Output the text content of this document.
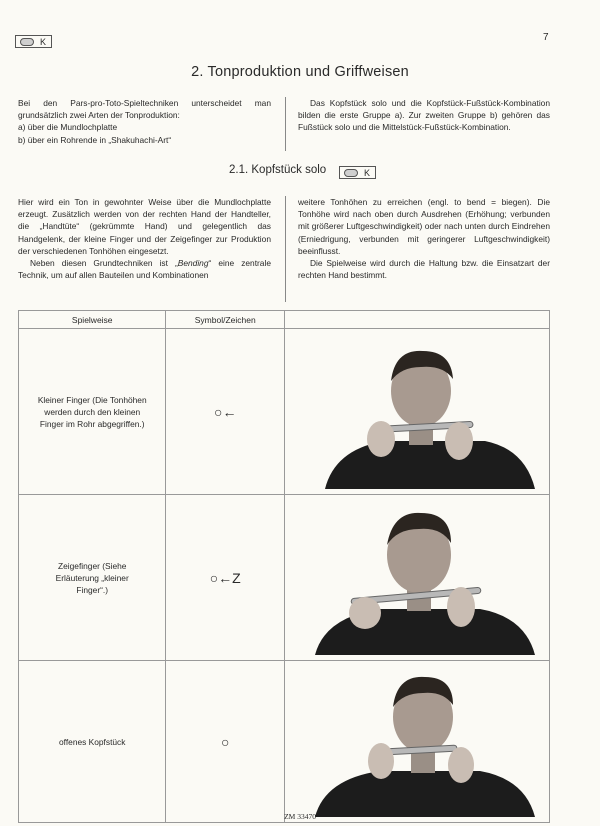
K	7
2. Tonproduktion und Griffweisen

Bei den Pars-pro-Toto-Spieltechniken unterscheidet man grundsätzlich zwei Arten der Tonproduktion:

a) über die Mundlochplatte

b) über ein Rohrende in „Shakuhachi-Art“

Das Kopfstück solo und die Kopfstück-Fußstück-Kombination bilden die erste Gruppe a). Zur zweiten Gruppe b) gehören das Fußstück solo und die Mittelstück-Fußstück-Kombination.

2.1. Kopfstück solo	K

Hier wird ein Ton in gewohnter Weise über die Mundlochplatte erzeugt. Zusätzlich werden von der rechten Hand der Handteller, die „Handtüte“ (gekrümmte Hand) und gelegentlich das Handgelenk, der kleine Finger und der Zeigefinger zur Produktion der verschiedenen Tonhöhen eingesetzt.

Neben diesen Grundtechniken ist „Bending“ eine zentrale Technik, um auf allen Bauteilen und Kombinationen

weitere Tonhöhen zu erreichen (engl. to bend = biegen). Die Tonhöhe wird nach oben durch Ausdrehen (Erhöhung; verbunden mit größerer Luftgeschwindigkeit) oder nach unten durch Eindrehen (Erniedrigung, verbunden mit geringerer Luftgeschwindigkeit) beeinflusst.

Die Spielweise wird durch die Haltung bzw. die Einsatzart der rechten Hand bestimmt.

Spielweise	Symbol/Zeichen	

Kleiner Finger (Die Tonhöhen werden durch den kleinen Finger im Rohr abgegriffen.)	○←	

Zeigefinger (Siehe Erläuterung „kleiner Finger“.)	○←Z	

offenes Kopfstück	○	
ZM 33470
